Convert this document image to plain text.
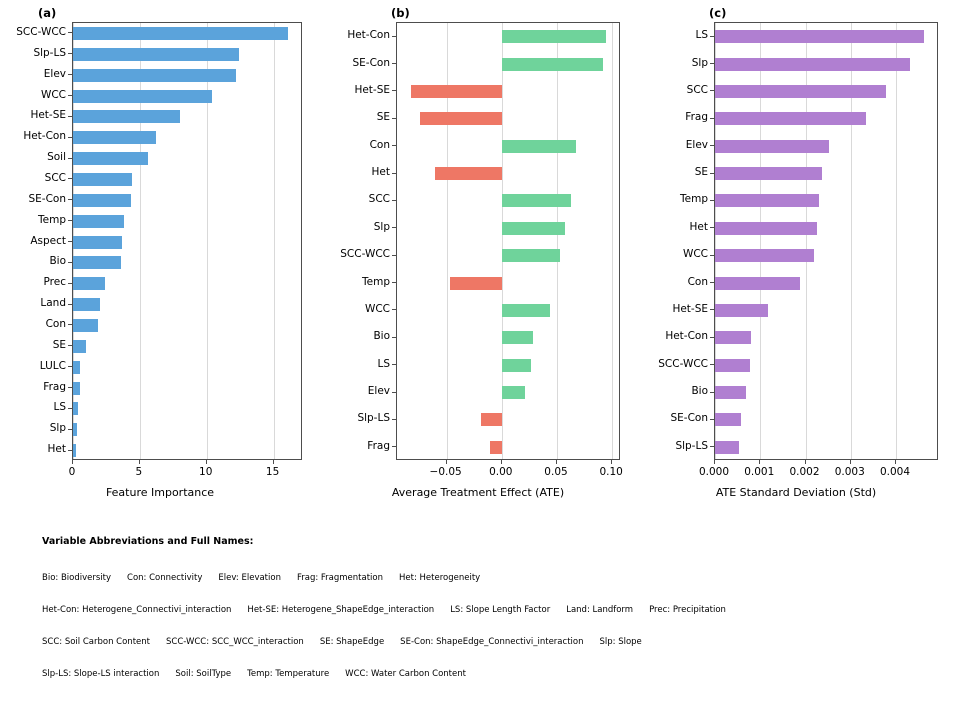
(a)
SCC-WCC
Slp-LS
Elev
WCC
Het-SE
Het-Con
Soil
SCC
SE-Con
Temp
Aspect
Bio
Prec
Land
Con
SE
LULC
Frag
LS
Slp
Het
0	5	10	15
Feature Importance
(b)
Het-Con
SE-Con
Het-SE
SE
Con
Het
SCC
Slp
SCC-WCC
Temp
WCC
Bio
LS
Elev
Slp-LS
Frag
−0.05	0.00	0.05	0.10
Average Treatment Effect (ATE)
(c)
LS
Slp
SCC
Frag
Elev
SE
Temp
Het
WCC
Con
Het-SE
Het-Con
SCC-WCC
Bio
SE-Con
Slp-LS
0.000	0.001	0.002	0.003	0.004
ATE Standard Deviation (Std)
Variable Abbreviations and Full Names:
Bio: Biodiversity Con: Connectivity Elev: Elevation Frag: Fragmentation Het: Heterogeneity
Het-Con: Heterogene_Connectivi_interaction Het-SE: Heterogene_ShapeEdge_interaction LS: Slope Length Factor Land: Landform Prec: Precipitation
SCC: Soil Carbon Content SCC-WCC: SCC_WCC_interaction SE: ShapeEdge SE-Con: ShapeEdge_Connectivi_interaction Slp: Slope
Slp-LS: Slope-LS interaction Soil: SoilType Temp: Temperature WCC: Water Carbon Content
